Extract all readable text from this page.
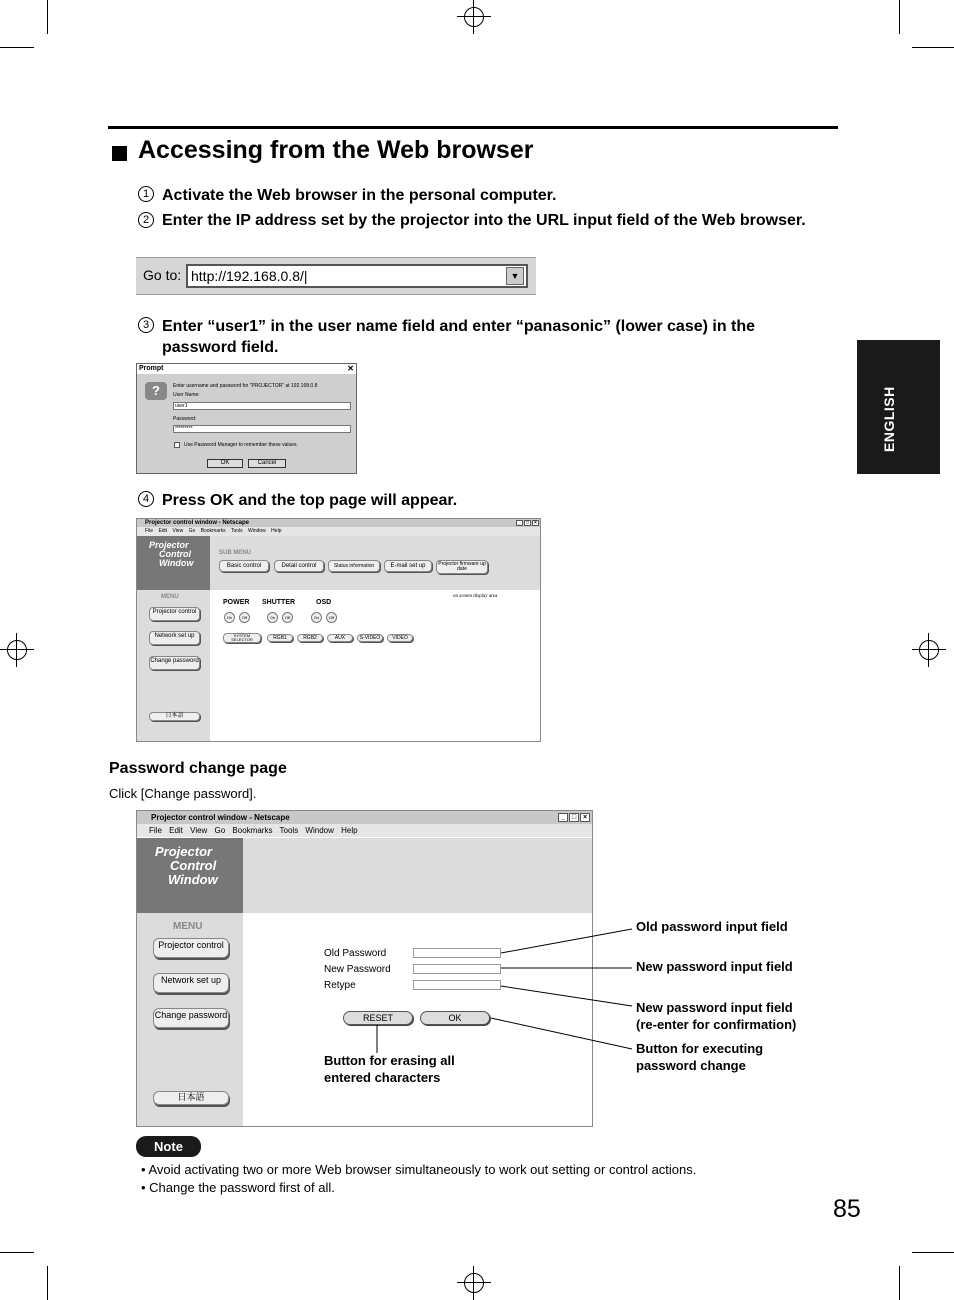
Accessing from the Web browser
1 Activate the Web browser in the personal computer.
2 Enter the IP address set by the projector into the URL input field of the Web browser.
Go to: http://192.168.0.8/|	▼
3 Enter “user1” in the user name field and enter “panasonic” (lower case) in the password field.
Prompt	✕
?	Enter username and password for "PROJECTOR" at 192.168.0.8
User Name:
user1
Password:
*********
Use Password Manager to remember these values.
OK	Cancel
4 Press OK and the top page will appear.
Projector control window - Netscape	_	□	×
File Edit View Go Bookmarks Tools Window Help
Projector
Control
Window
SUB MENU
Basic control	Detail control	Status information	E-mail set up	Projector firmware up date
MENU
Projector control
Network set up
Change password
日本語
POWER SHUTTER	OSD
on screen display area
On	Off	On	Off	On	Off
SYSTEM SELECTOR	RGB1	RGB2	AUX	S-VIDEO	VIDEO
Password change page
Click [Change password].
Projector control window - Netscape	_ □ ×
File Edit View Go Bookmarks Tools Window Help
Projector
Control
Window
MENU
Projector control
Network set up
Change password
日本語
Old Password
New Password
Retype
RESET	OK
Old password input field
New password input field
New password input field
(re-enter for confirmation)
Button for executing
password change
Button for erasing all
entered characters
ENGLISH
Note
• Avoid activating two or more Web browser simultaneously to work out setting or control actions.
• Change the password first of all.
85
